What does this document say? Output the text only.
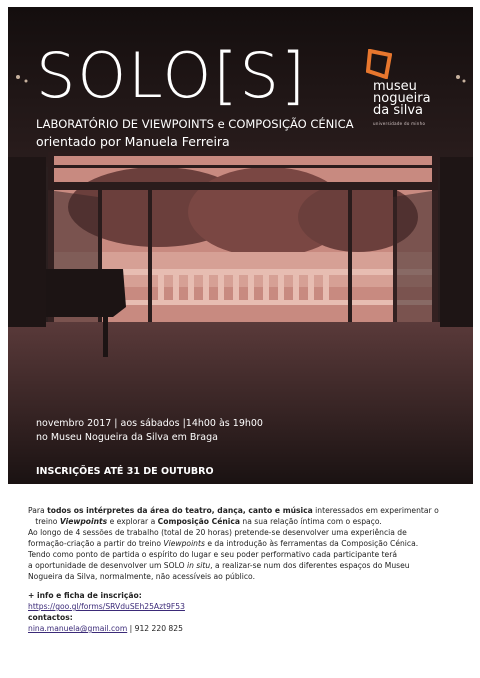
SOLO[S]
LABORATÓRIO DE VIEWPOINTS e COMPOSIÇÃO CÉNICA
orientado por Manuela Ferreira
museu
nogueira
da silva
universidade do minho
novembro 2017 | aos sábados |14h00 às 19h00
no Museu Nogueira da Silva em Braga
INSCRIÇÕES ATÉ 31 DE OUTUBRO

Para todos os intérpretes da área do teatro, dança, canto e música interessados em experimentar o

treino Viewpoints e explorar a Composição Cénica na sua relação íntima com o espaço.

Ao longo de 4 sessões de trabalho (total de 20 horas) pretende-se desenvolver uma experiência de

formação-criação a partir do treino Viewpoints e da introdução às ferramentas da Composição Cénica.

Tendo como ponto de partida o espírito do lugar e seu poder performativo cada participante terá

a oportunidade de desenvolver um SOLO in situ, a realizar-se num dos diferentes espaços do Museu

Nogueira da Silva, normalmente, não acessíveis ao público.

+ info e ficha de inscrição:

https://goo.gl/forms/SRVduSEh25Azt9F53

contactos:

nina.manuela@gmail.com | 912 220 825
